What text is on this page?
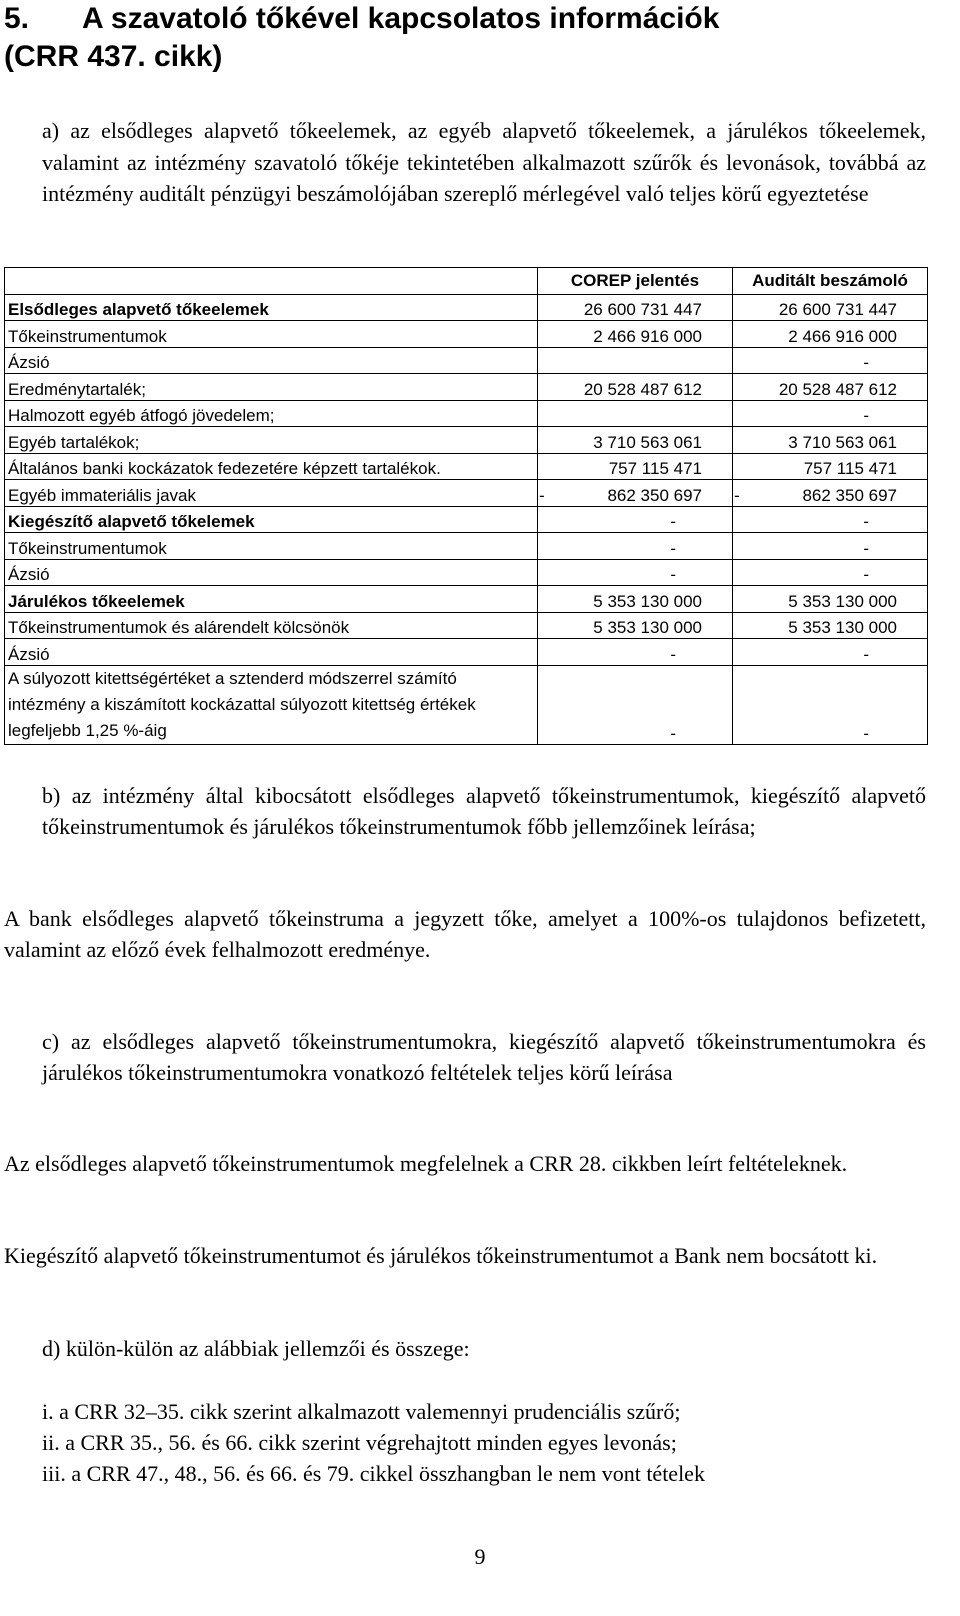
5. A szavatoló tőkével kapcsolatos információk
(CRR 437. cikk)

a) az elsődleges alapvető tőkeelemek, az egyéb alapvető tőkeelemek, a járulékos tőkeelemek, valamint az intézmény szavatoló tőkéje tekintetében alkalmazott szűrők és levonások, továbbá az intézmény auditált pénzügyi beszámolójában szereplő mérlegével való teljes körű egyeztetése

	COREP jelentés	Auditált beszámoló
Elsődleges alapvető tőkeelemek	26 600 731 447	26 600 731 447
Tőkeinstrumentumok	2 466 916 000	2 466 916 000
Ázsió		-
Eredménytartalék;	20 528 487 612	20 528 487 612
Halmozott egyéb átfogó jövedelem;		-
Egyéb tartalékok;	3 710 563 061	3 710 563 061
Általános banki kockázatok fedezetére képzett tartalékok.	757 115 471	757 115 471
Egyéb immateriális javak	- 862 350 697	- 862 350 697
Kiegészítő alapvető tőkelemek	-	-
Tőkeinstrumentumok	-	-
Ázsió	-	-
Járulékos tőkeelemek	5 353 130 000	5 353 130 000
Tőkeinstrumentumok és alárendelt kölcsönök	5 353 130 000	5 353 130 000
Ázsió	-	-
A súlyozott kitettségértéket a sztenderd módszerrel számító intézmény a kiszámított kockázattal súlyozott kitettség értékek legfeljebb 1,25 %-áig	-	-

b) az intézmény által kibocsátott elsődleges alapvető tőkeinstrumentumok, kiegészítő alapvető tőkeinstrumentumok és járulékos tőkeinstrumentumok főbb jellemzőinek leírása;

A bank elsődleges alapvető tőkeinstruma a jegyzett tőke, amelyet a 100%-os tulajdonos befizetett, valamint az előző évek felhalmozott eredménye.

c) az elsődleges alapvető tőkeinstrumentumokra, kiegészítő alapvető tőkeinstrumentumokra és járulékos tőkeinstrumentumokra vonatkozó feltételek teljes körű leírása

Az elsődleges alapvető tőkeinstrumentumok megfelelnek a CRR 28. cikkben leírt feltételeknek.

Kiegészítő alapvető tőkeinstrumentumot és járulékos tőkeinstrumentumot a Bank nem bocsátott ki.

d) külön-külön az alábbiak jellemzői és összege:

i. a CRR 32–35. cikk szerint alkalmazott valemennyi prudenciális szűrő;
ii. a CRR 35., 56. és 66. cikk szerint végrehajtott minden egyes levonás;
iii. a CRR 47., 48., 56. és 66. és 79. cikkel összhangban le nem vont tételek
9
